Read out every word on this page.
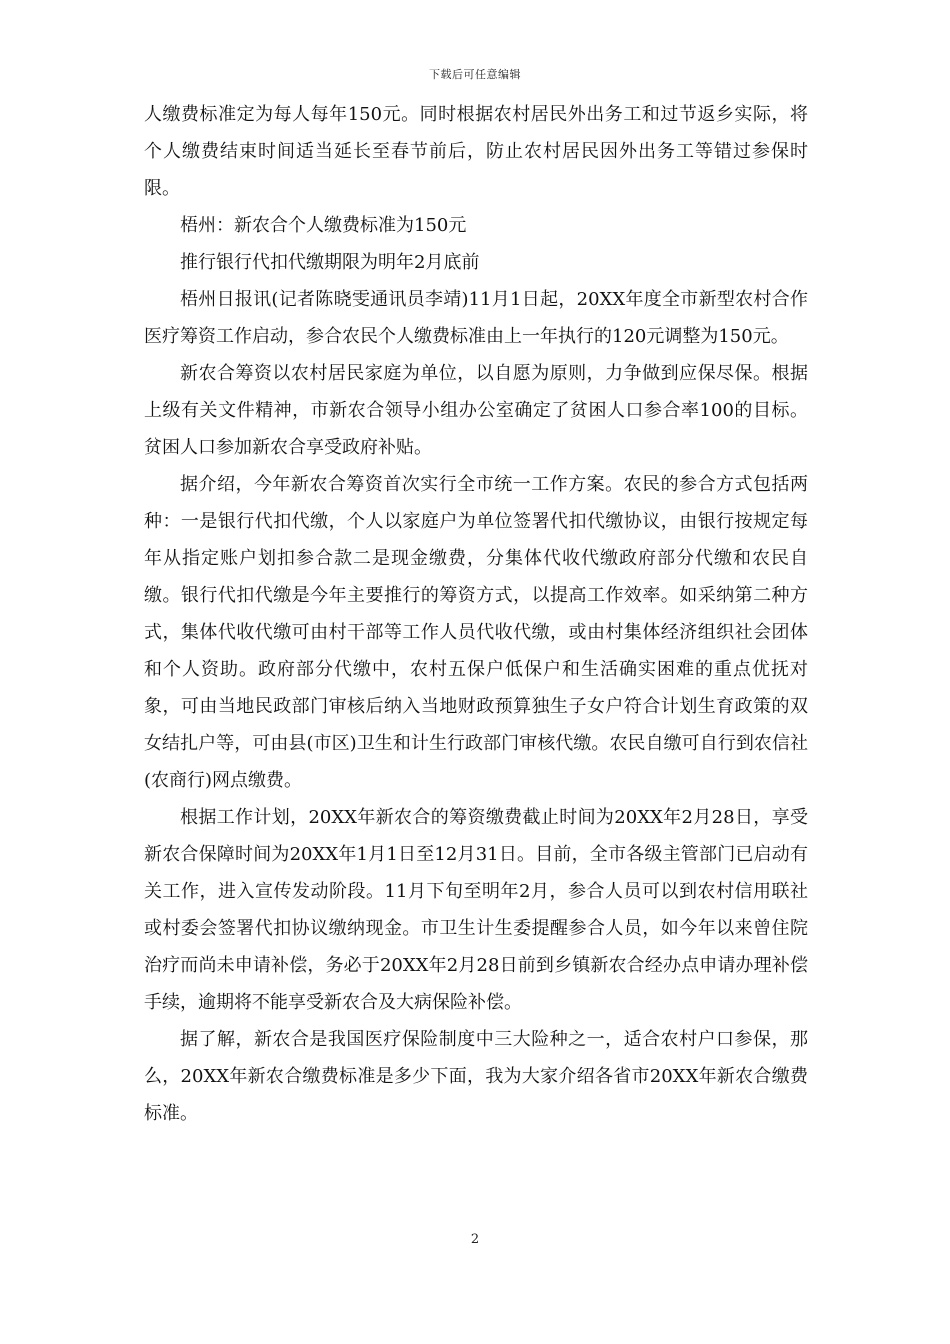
下载后可任意编辑

人缴费标准定为每人每年150元。同时根据农村居民外出务工和过节返乡实际，将个人缴费结束时间适当延长至春节前后，防止农村居民因外出务工等错过参保时限。

梧州：新农合个人缴费标准为150元

推行银行代扣代缴期限为明年2月底前

梧州日报讯(记者陈晓雯通讯员李靖)11月1日起，20XX年度全市新型农村合作医疗筹资工作启动，参合农民个人缴费标准由上一年执行的120元调整为150元。

新农合筹资以农村居民家庭为单位，以自愿为原则，力争做到应保尽保。根据上级有关文件精神，市新农合领导小组办公室确定了贫困人口参合率100的目标。贫困人口参加新农合享受政府补贴。

据介绍，今年新农合筹资首次实行全市统一工作方案。农民的参合方式包括两种：一是银行代扣代缴，个人以家庭户为单位签署代扣代缴协议，由银行按规定每年从指定账户划扣参合款二是现金缴费，分集体代收代缴政府部分代缴和农民自缴。银行代扣代缴是今年主要推行的筹资方式，以提高工作效率。如采纳第二种方式，集体代收代缴可由村干部等工作人员代收代缴，或由村集体经济组织社会团体和个人资助。政府部分代缴中，农村五保户低保户和生活确实困难的重点优抚对象，可由当地民政部门审核后纳入当地财政预算独生子女户符合计划生育政策的双女结扎户等，可由县(市区)卫生和计生行政部门审核代缴。农民自缴可自行到农信社(农商行)网点缴费。

根据工作计划，20XX年新农合的筹资缴费截止时间为20XX年2月28日，享受新农合保障时间为20XX年1月1日至12月31日。目前，全市各级主管部门已启动有关工作，进入宣传发动阶段。11月下旬至明年2月，参合人员可以到农村信用联社或村委会签署代扣协议缴纳现金。市卫生计生委提醒参合人员，如今年以来曾住院治疗而尚未申请补偿，务必于20XX年2月28日前到乡镇新农合经办点申请办理补偿手续，逾期将不能享受新农合及大病保险补偿。

据了解，新农合是我国医疗保险制度中三大险种之一，适合农村户口参保，那么，20XX年新农合缴费标准是多少下面，我为大家介绍各省市20XX年新农合缴费标准。

2
